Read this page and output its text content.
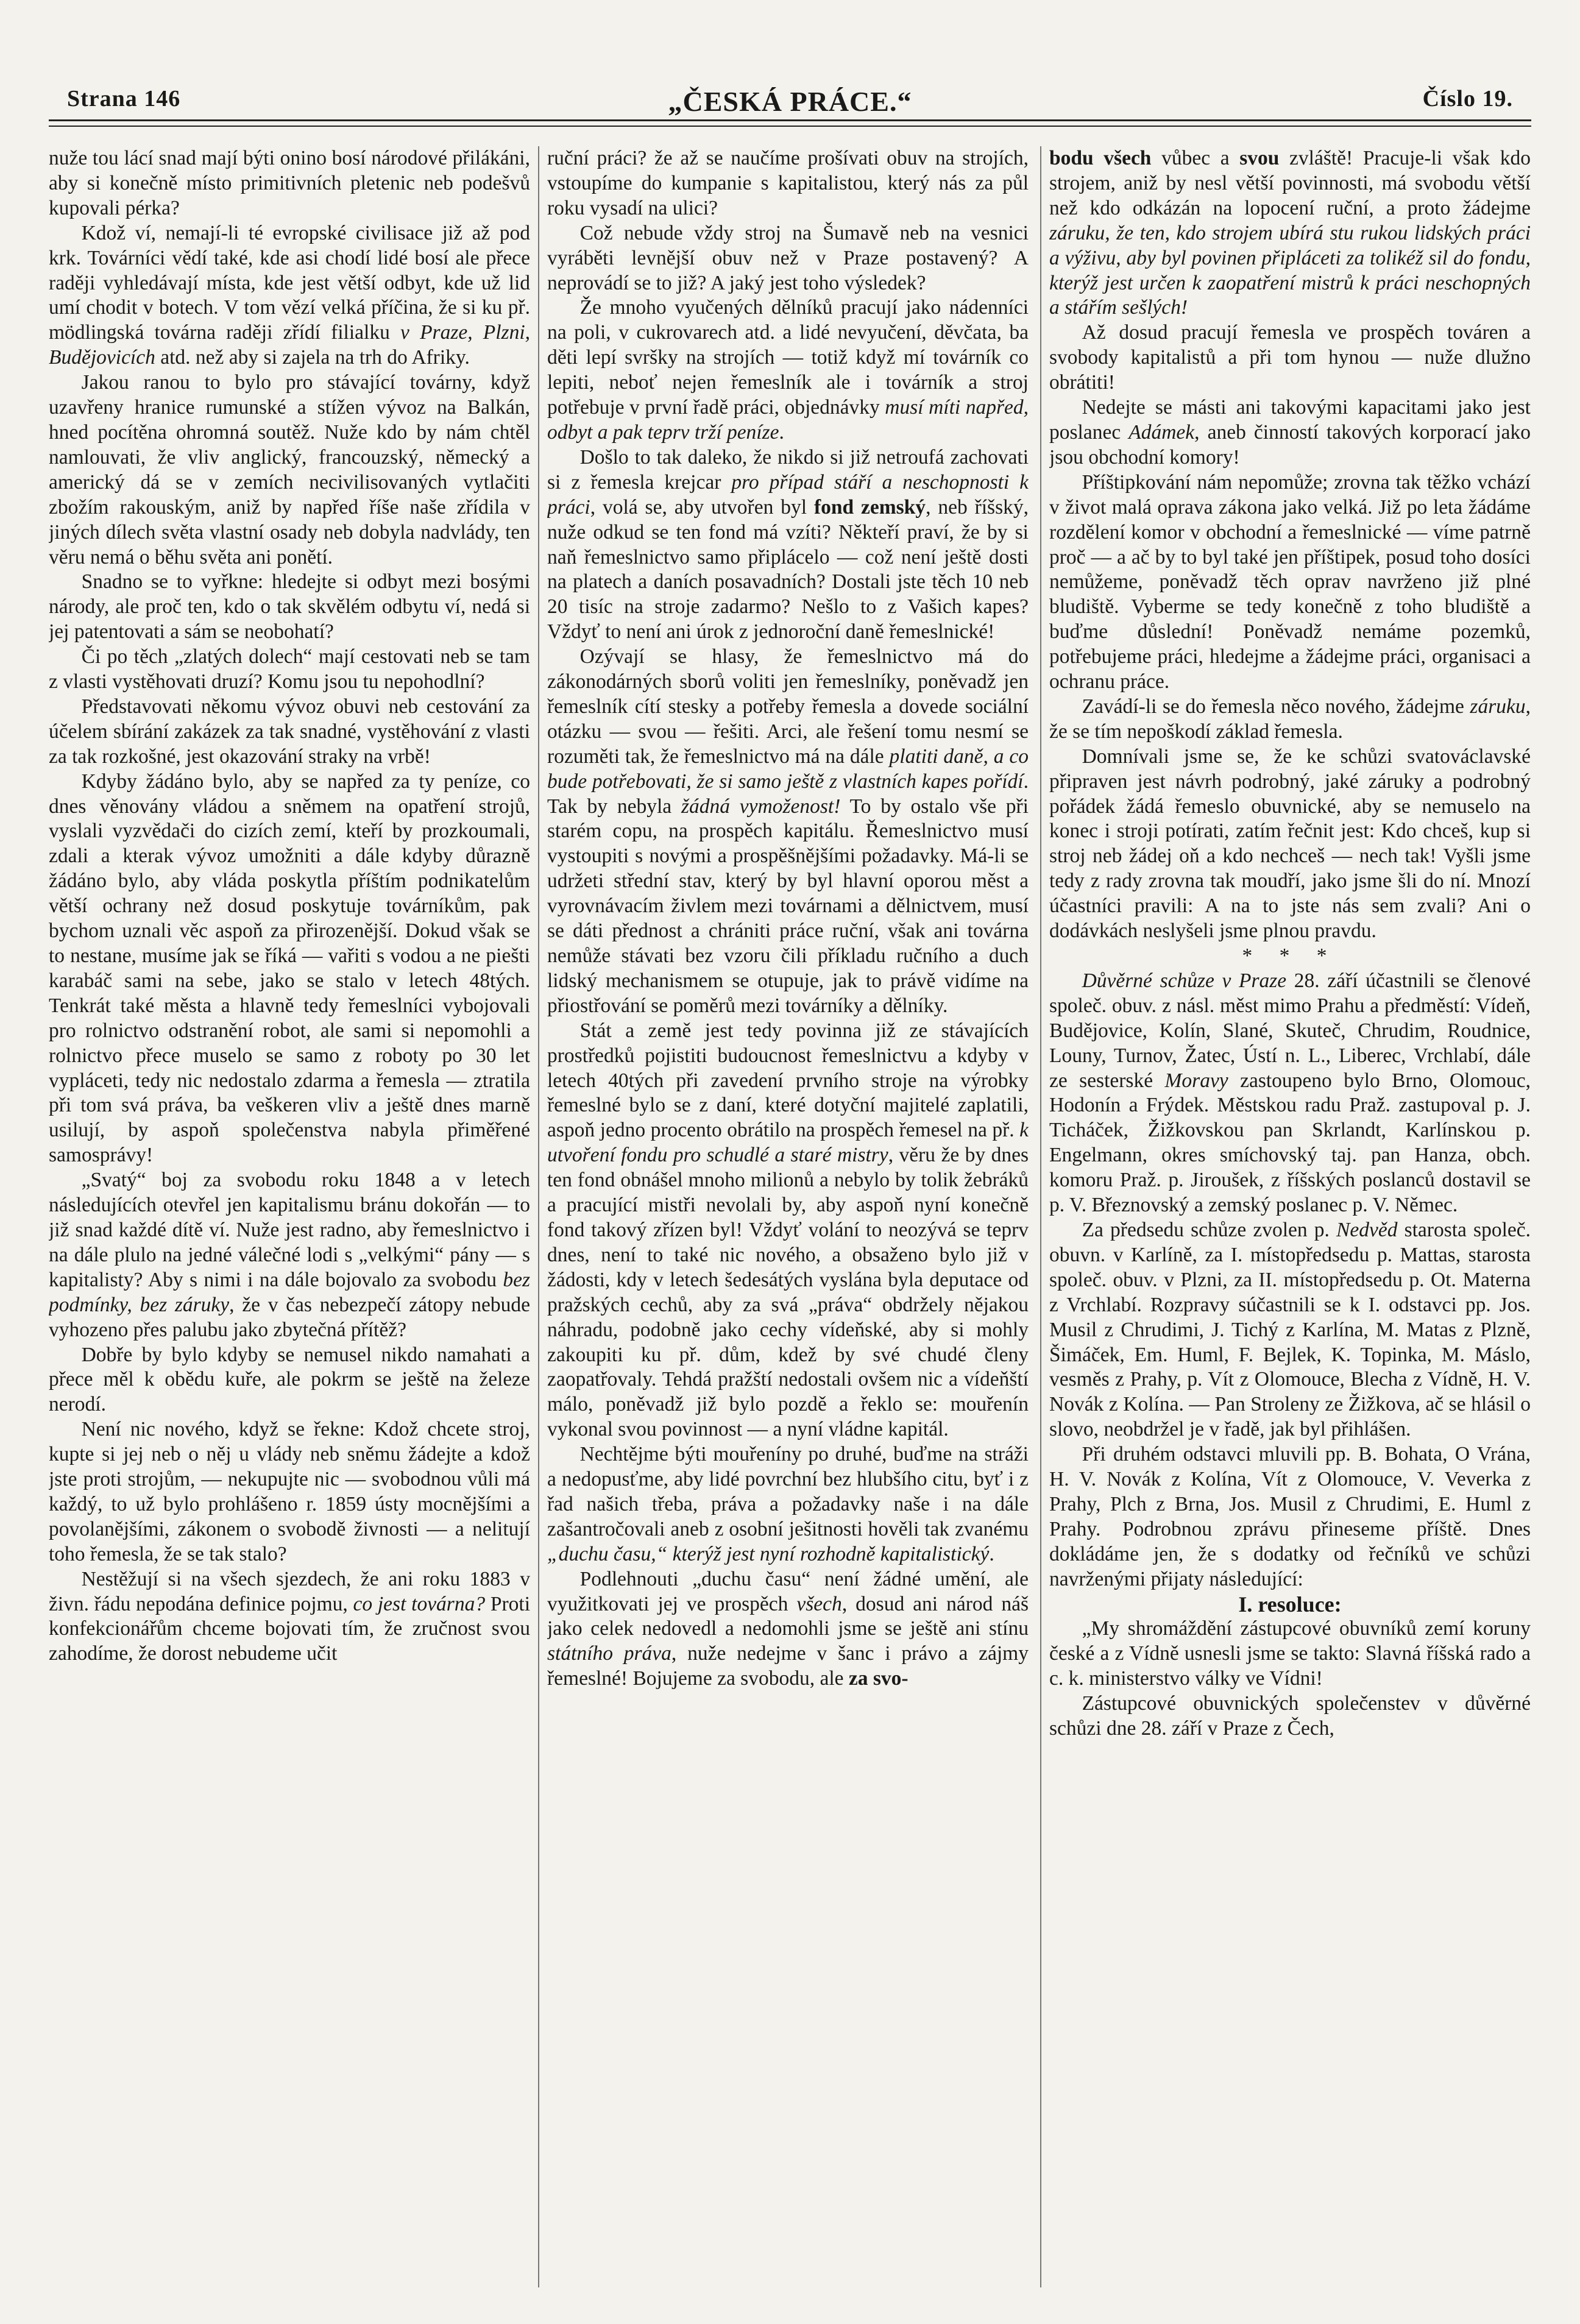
Strana 146	„ČESKÁ PRÁCE.“	Číslo 19.

nuže tou lácí snad mají býti onino bosí národové přilákáni, aby si konečně místo primitivních pletenic neb podešvů kupovali pérka?

Kdož ví, nemají-li té evropské civilisace již až pod krk. Továrníci vědí také, kde asi chodí lidé bosí ale přece raději vyhledávají místa, kde jest větší odbyt, kde už lid umí chodit v botech. V tom vězí velká příčina, že si ku př. mödlingská továrna raději zřídí filialku v Praze, Plzni, Budějovicích atd. než aby si zajela na trh do Afriky.

Jakou ranou to bylo pro stávající továrny, když uzavřeny hranice rumunské a stížen vývoz na Balkán, hned pocítěna ohromná soutěž. Nuže kdo by nám chtěl namlouvati, že vliv anglický, francouzský, německý a americký dá se v zemích necivilisovaných vytlačiti zbožím rakouským, aniž by napřed říše naše zřídila v jiných dílech světa vlastní osady neb dobyla nadvlády, ten věru nemá o běhu světa ani ponětí.

Snadno se to vyřkne: hledejte si odbyt mezi bosými národy, ale proč ten, kdo o tak skvělém odbytu ví, nedá si jej patentovati a sám se neobohatí?

Či po těch „zlatých dolech“ mají cestovati neb se tam z vlasti vystěhovati druzí? Komu jsou tu nepohodlní?

Představovati někomu vývoz obuvi neb cestování za účelem sbírání zakázek za tak snadné, vystěhování z vlasti za tak rozkošné, jest okazování straky na vrbě!

Kdyby žádáno bylo, aby se napřed za ty peníze, co dnes věnovány vládou a sněmem na opatření strojů, vyslali vyzvědači do cizích zemí, kteří by prozkoumali, zdali a kterak vývoz umožniti a dále kdyby důrazně žádáno bylo, aby vláda poskytla příštím podnikatelům větší ochrany než dosud poskytuje továrníkům, pak bychom uznali věc aspoň za přirozenější. Dokud však se to nestane, musíme jak se říká — vařiti s vodou a ne piešti karabáč sami na sebe, jako se stalo v letech 48tých. Tenkrát také města a hlavně tedy řemeslníci vybojovali pro rolnictvo odstranění robot, ale sami si nepomohli a rolnictvo přece muselo se samo z roboty po 30 let vypláceti, tedy nic nedostalo zdarma a řemesla — ztratila při tom svá práva, ba veškeren vliv a ještě dnes marně usilují, by aspoň společenstva nabyla přiměřené samosprávy!

„Svatý“ boj za svobodu roku 1848 a v letech následujících otevřel jen kapitalismu bránu dokořán — to již snad každé dítě ví. Nuže jest radno, aby řemeslnictvo i na dále plulo na jedné válečné lodi s „velkými“ pány — s kapitalisty? Aby s nimi i na dále bojovalo za svobodu bez podmínky, bez záruky, že v čas nebezpečí zátopy nebude vyhozeno přes palubu jako zbytečná přítěž?

Dobře by bylo kdyby se nemusel nikdo namahati a přece měl k obědu kuře, ale pokrm se ještě na železe nerodí.

Není nic nového, když se řekne: Kdož chcete stroj, kupte si jej neb o něj u vlády neb sněmu žádejte a kdož jste proti strojům, — nekupujte nic — svobodnou vůli má každý, to už bylo prohlášeno r. 1859 ústy mocnějšími a povolanějšími, zákonem o svobodě živnosti — a nelitují toho řemesla, že se tak stalo?

Nestěžují si na všech sjezdech, že ani roku 1883 v živn. řádu nepodána definice pojmu, co jest továrna? Proti konfekcionářům chceme bojovati tím, že zručnost svou zahodíme, že dorost nebudeme učit

ruční práci? že až se naučíme prošívati obuv na strojích, vstoupíme do kumpanie s kapitalistou, který nás za půl roku vysadí na ulici?

Což nebude vždy stroj na Šumavě neb na vesnici vyráběti levnější obuv než v Praze postavený? A neprovádí se to již? A jaký jest toho výsledek?

Že mnoho vyučených dělníků pracují jako nádenníci na poli, v cukrovarech atd. a lidé nevyučení, děvčata, ba děti lepí svršky na strojích — totiž když mí továrník co lepiti, neboť nejen řemeslník ale i továrník a stroj potřebuje v první řadě práci, objednávky musí míti napřed, odbyt a pak teprv trží peníze.

Došlo to tak daleko, že nikdo si již netroufá zachovati si z řemesla krejcar pro případ stáří a neschopnosti k práci, volá se, aby utvořen byl fond zemský, neb říšský, nuže odkud se ten fond má vzíti? Někteří praví, že by si naň řemeslnictvo samo připlácelo — což není ještě dosti na platech a daních posavadních? Dostali jste těch 10 neb 20 tisíc na stroje zadarmo? Nešlo to z Vašich kapes? Vždyť to není ani úrok z jednoroční daně řemeslnické!

Ozývají se hlasy, že řemeslnictvo má do zákonodárných sborů voliti jen řemeslníky, poněvadž jen řemeslník cítí stesky a potřeby řemesla a dovede sociální otázku — svou — řešiti. Arci, ale řešení tomu nesmí se rozuměti tak, že řemeslnictvo má na dále platiti daně, a co bude potřebovati, že si samo ještě z vlastních kapes pořídí. Tak by nebyla žádná vymoženost! To by ostalo vše při starém copu, na prospěch kapitálu. Řemeslnictvo musí vystoupiti s novými a prospěšnějšími požadavky. Má-li se udržeti střední stav, který by byl hlavní oporou měst a vyrovnávacím živlem mezi továrnami a dělnictvem, musí se dáti přednost a chrániti práce ruční, však ani továrna nemůže stávati bez vzoru čili příkladu ručního a duch lidský mechanismem se otupuje, jak to právě vidíme na přiostřování se poměrů mezi továrníky a dělníky.

Stát a země jest tedy povinna již ze stávajících prostředků pojistiti budoucnost řemeslnictvu a kdyby v letech 40tých při zavedení prvního stroje na výrobky řemeslné bylo se z daní, které dotyční majitelé zaplatili, aspoň jedno procento obrátilo na prospěch řemesel na př. k utvoření fondu pro schudlé a staré mistry, věru že by dnes ten fond obnášel mnoho milionů a nebylo by tolik žebráků a pracující mistři nevolali by, aby aspoň nyní konečně fond takový zřízen byl! Vždyť volání to neozývá se teprv dnes, není to také nic nového, a obsaženo bylo již v žádosti, kdy v letech šedesátých vyslána byla deputace od pražských cechů, aby za svá „práva“ obdržely nějakou náhradu, podobně jako cechy vídeňské, aby si mohly zakoupiti ku př. dům, kdež by své chudé členy zaopatřovaly. Tehdá pražští nedostali ovšem nic a vídeňští málo, poněvadž již bylo pozdě a řeklo se: mouřenín vykonal svou povinnost — a nyní vládne kapitál.

Nechtějme býti mouřeníny po druhé, buďme na stráži a nedopusťme, aby lidé povrchní bez hlubšího citu, byť i z řad našich třeba, práva a požadavky naše i na dále zašantročovali aneb z osobní ješitnosti hověli tak zvanému „duchu času,“ kterýž jest nyní rozhodně kapitalistický.

Podlehnouti „duchu času“ není žádné umění, ale využitkovati jej ve prospěch všech, dosud ani národ náš jako celek nedovedl a nedomohli jsme se ještě ani stínu státního práva, nuže nedejme v šanc i právo a zájmy řemeslné! Bojujeme za svobodu, ale za svo-

bodu všech vůbec a svou zvláště! Pracuje-li však kdo strojem, aniž by nesl větší povinnosti, má svobodu větší než kdo odkázán na lopocení ruční, a proto žádejme záruku, že ten, kdo strojem ubírá stu rukou lidských práci a výživu, aby byl povinen připláceti za tolikéž sil do fondu, kterýž jest určen k zaopatření mistrů k práci neschopných a stářím sešlých!

Až dosud pracují řemesla ve prospěch továren a svobody kapitalistů a při tom hynou — nuže dlužno obrátiti!

Nedejte se másti ani takovými kapacitami jako jest poslanec Adámek, aneb činností takových korporací jako jsou obchodní komory!

Příštipkování nám nepomůže; zrovna tak těžko vchází v život malá oprava zákona jako velká. Již po leta žádáme rozdělení komor v obchodní a řemeslnické — víme patrně proč — a ač by to byl také jen příštipek, posud toho dosíci nemůžeme, poněvadž těch oprav navrženo již plné bludiště. Vyberme se tedy konečně z toho bludiště a buďme důslední! Poněvadž nemáme pozemků, potřebujeme práci, hledejme a žádejme práci, organisaci a ochranu práce.

Zavádí-li se do řemesla něco nového, žádejme záruku, že se tím nepoškodí základ řemesla.

Domnívali jsme se, že ke schůzi svatováclavské připraven jest návrh podrobný, jaké záruky a podrobný pořádek žádá řemeslo obuvnické, aby se nemuselo na konec i stroji potírati, zatím řečnit jest: Kdo chceš, kup si stroj neb žádej oň a kdo nechceš — nech tak! Vyšli jsme tedy z rady zrovna tak moudří, jako jsme šli do ní. Mnozí účastníci pravili: A na to jste nás sem zvali? Ani o dodávkách neslyšeli jsme plnou pravdu.

* * *

Důvěrné schůze v Praze 28. září účastnili se členové společ. obuv. z násl. měst mimo Prahu a předměstí: Vídeň, Budějovice, Kolín, Slané, Skuteč, Chrudim, Roudnice, Louny, Turnov, Žatec, Ústí n. L., Liberec, Vrchlabí, dále ze sesterské Moravy zastoupeno bylo Brno, Olomouc, Hodonín a Frýdek. Městskou radu Praž. zastupoval p. J. Ticháček, Žižkovskou pan Skrlandt, Karlínskou p. Engelmann, okres smíchovský taj. pan Hanza, obch. komoru Praž. p. Jiroušek, z říšských poslanců dostavil se p. V. Březnovský a zemský poslanec p. V. Němec.

Za předsedu schůze zvolen p. Nedvěd starosta společ. obuvn. v Karlíně, za I. místopředsedu p. Mattas, starosta společ. obuv. v Plzni, za II. místopředsedu p. Ot. Materna z Vrchlabí. Rozpravy súčastnili se k I. odstavci pp. Jos. Musil z Chrudimi, J. Tichý z Karlína, M. Matas z Plzně, Šimáček, Em. Huml, F. Bejlek, K. Topinka, M. Máslo, vesměs z Prahy, p. Vít z Olomouce, Blecha z Vídně, H. V. Novák z Kolína. — Pan Stroleny ze Žižkova, ač se hlásil o slovo, neobdržel je v řadě, jak byl přihlášen.

Při druhém odstavci mluvili pp. B. Bohata, O Vrána, H. V. Novák z Kolína, Vít z Olomouce, V. Veverka z Prahy, Plch z Brna, Jos. Musil z Chrudimi, E. Huml z Prahy. Podrobnou zprávu přineseme příště. Dnes dokládáme jen, že s dodatky od řečníků ve schůzi navrženými přijaty následující:

I. resoluce:

„My shromáždění zástupcové obuvníků zemí koruny české a z Vídně usnesli jsme se takto: Slavná říšská rado a c. k. ministerstvo války ve Vídni!

Zástupcové obuvnických společenstev v důvěrné schůzi dne 28. září v Praze z Čech,
